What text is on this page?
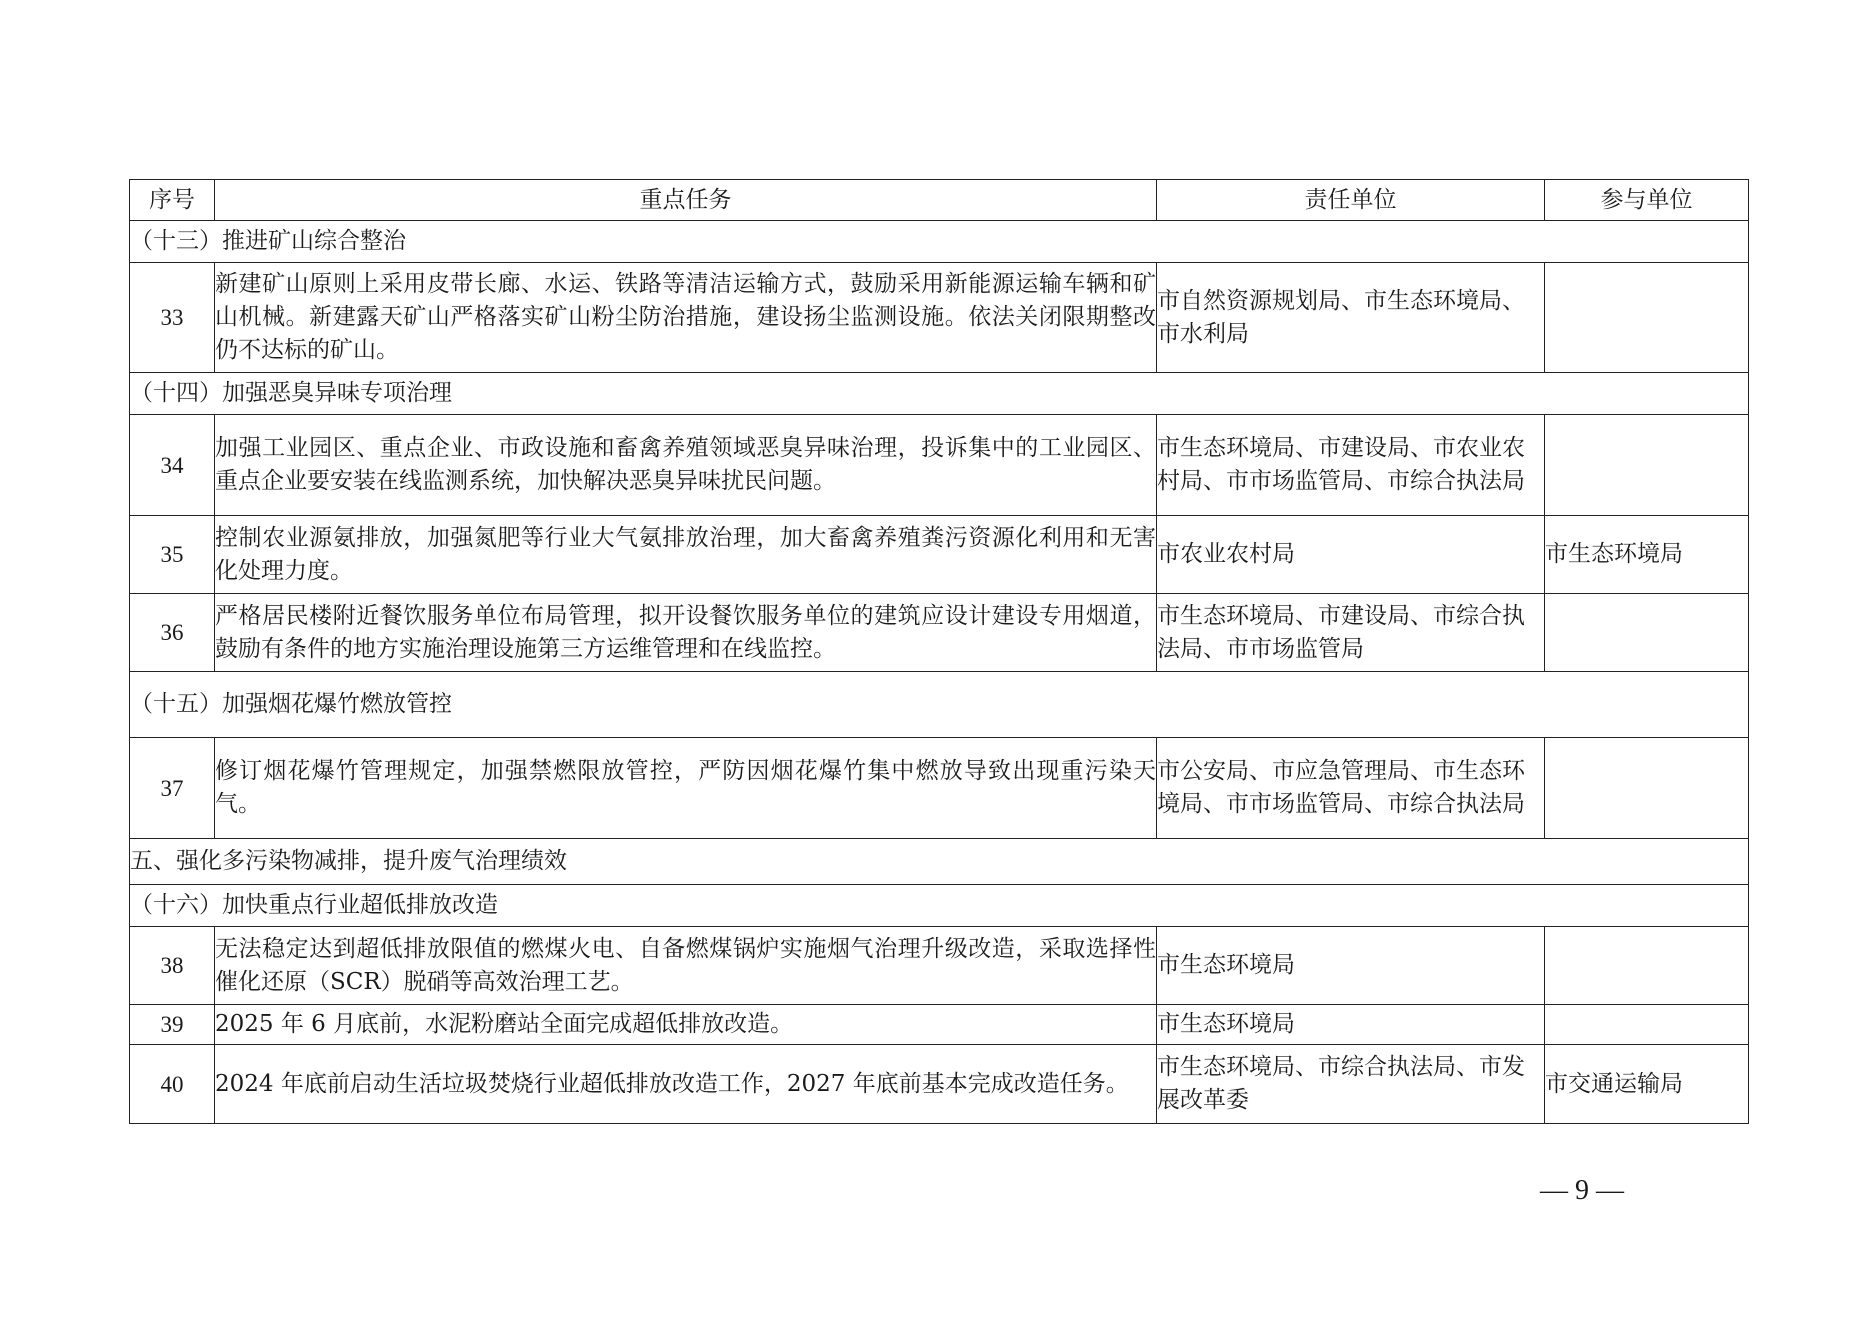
序号	重点任务	责任单位	参与单位
（十三）推进矿山综合整治			
33	新建矿山原则上采用皮带长廊、水运、铁路等清洁运输方式，鼓励采用新能源运输车辆和矿山机械。新建露天矿山严格落实矿山粉尘防治措施，建设扬尘监测设施。依法关闭限期整改仍不达标的矿山。	市自然资源规划局、市生态环境局、市水利局	
（十四）加强恶臭异味专项治理			
34	加强工业园区、重点企业、市政设施和畜禽养殖领域恶臭异味治理，投诉集中的工业园区、重点企业要安装在线监测系统，加快解决恶臭异味扰民问题。	市生态环境局、市建设局、市农业农村局、市市场监管局、市综合执法局	
35	控制农业源氨排放，加强氮肥等行业大气氨排放治理，加大畜禽养殖粪污资源化利用和无害化处理力度。	市农业农村局	市生态环境局
36	严格居民楼附近餐饮服务单位布局管理，拟开设餐饮服务单位的建筑应设计建设专用烟道，鼓励有条件的地方实施治理设施第三方运维管理和在线监控。	市生态环境局、市建设局、市综合执法局、市市场监管局	
（十五）加强烟花爆竹燃放管控			
37	修订烟花爆竹管理规定，加强禁燃限放管控，严防因烟花爆竹集中燃放导致出现重污染天气。	市公安局、市应急管理局、市生态环境局、市市场监管局、市综合执法局	
五、强化多污染物减排，提升废气治理绩效			
（十六）加快重点行业超低排放改造			
38	无法稳定达到超低排放限值的燃煤火电、自备燃煤锅炉实施烟气治理升级改造，采取选择性催化还原（SCR）脱硝等高效治理工艺。	市生态环境局	
39	2025 年 6 月底前，水泥粉磨站全面完成超低排放改造。	市生态环境局	
40	2024 年底前启动生活垃圾焚烧行业超低排放改造工作，2027 年底前基本完成改造任务。	市生态环境局、市综合执法局、市发展改革委	市交通运输局
— 9 —
